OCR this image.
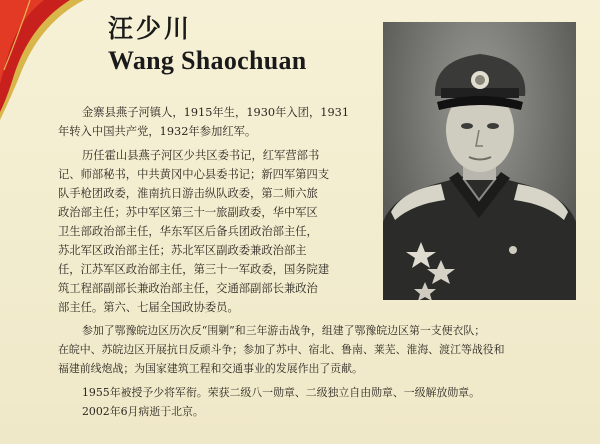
汪少川
Wang Shaochuan

金寨县燕子河镇人，1915年生，1930年入团，1931

年转入中国共产党，1932年参加红军。

历任霍山县燕子河区少共区委书记，红军营部书

记、师部秘书，中共黄冈中心县委书记；新四军第四支

队手枪团政委，淮南抗日游击纵队政委，第二师六旅

政治部主任；苏中军区第三十一旅副政委，华中军区

卫生部政治部主任，华东军区后备兵团政治部主任，

苏北军区政治部主任；苏北军区副政委兼政治部主

任，江苏军区政治部主任，第三十一军政委，国务院建

筑工程部副部长兼政治部主任，交通部副部长兼政治

部主任。第六、七届全国政协委员。

参加了鄂豫皖边区历次反“围剿”和三年游击战争，组建了鄂豫皖边区第一支便衣队；

在皖中、苏皖边区开展抗日反顽斗争；参加了苏中、宿北、鲁南、莱芜、淮海、渡江等战役和

福建前线炮战；为国家建筑工程和交通事业的发展作出了贡献。

1955年被授予少将军衔。荣获二级八一勋章、二级独立自由勋章、一级解放勋章。

2002年6月病逝于北京。
